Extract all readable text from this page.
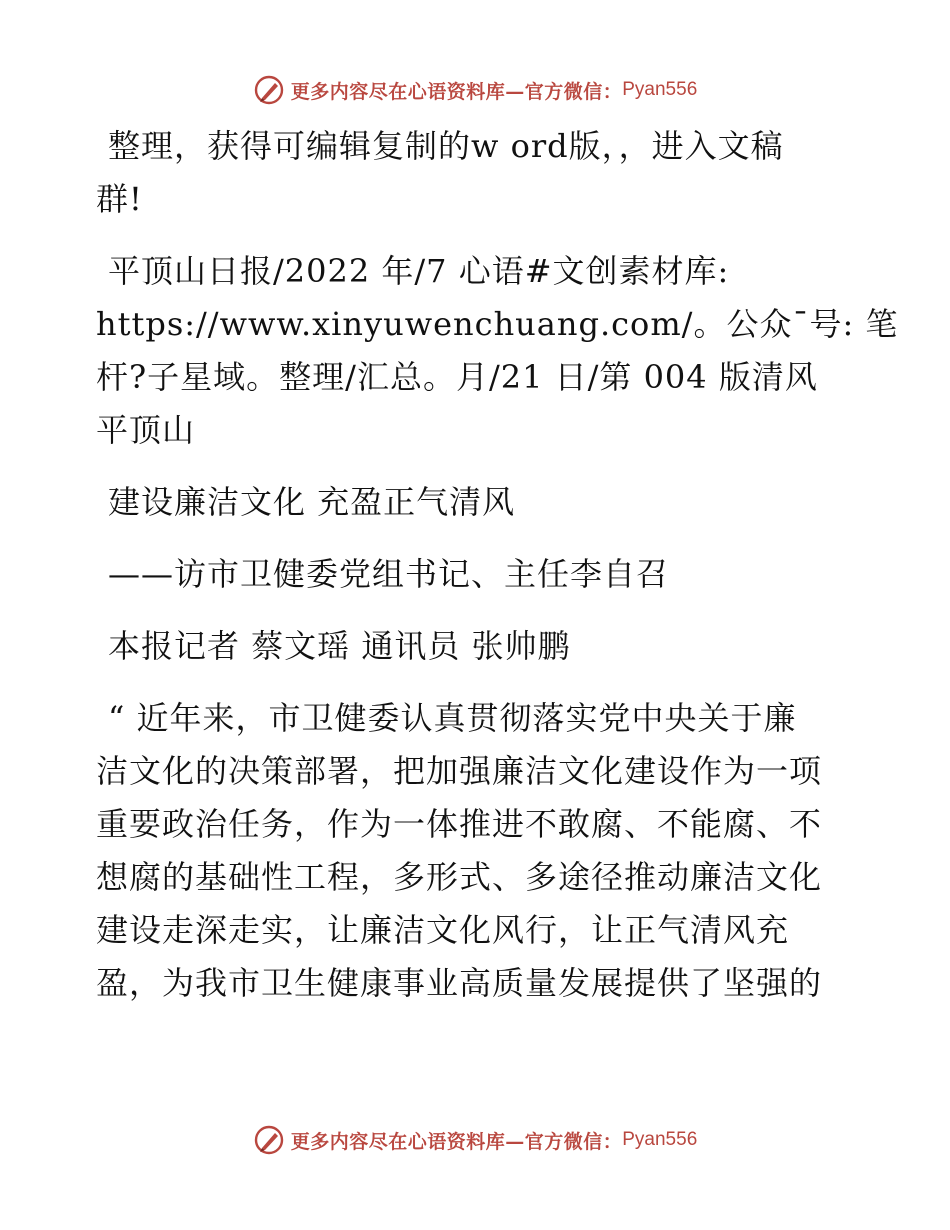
更多内容尽在心语资料库—官方微信： Pyan556

整理，获得可编辑复制的w ord版，，进入文稿
群!

平顶山日报/2022 年/7 心语#文创素材库:
https://www.xinyuwenchuang.com/。公众¯号: 笔
杆?子星域。整理/汇总。月/21 日/第 004 版清风
平顶山

建设廉洁文化 充盈正气清风

——访市卫健委党组书记、主任李自召

本报记者 蔡文瑶 通讯员 张帅鹏

“ 近年来，市卫健委认真贯彻落实党中央关于廉
洁文化的决策部署，把加强廉洁文化建设作为一项
重要政治任务，作为一体推进不敢腐、不能腐、不
想腐的基础性工程，多形式、多途径推动廉洁文化
建设走深走实，让廉洁文化风行，让正气清风充
盈，为我市卫生健康事业高质量发展提供了坚强的

更多内容尽在心语资料库—官方微信： Pyan556
